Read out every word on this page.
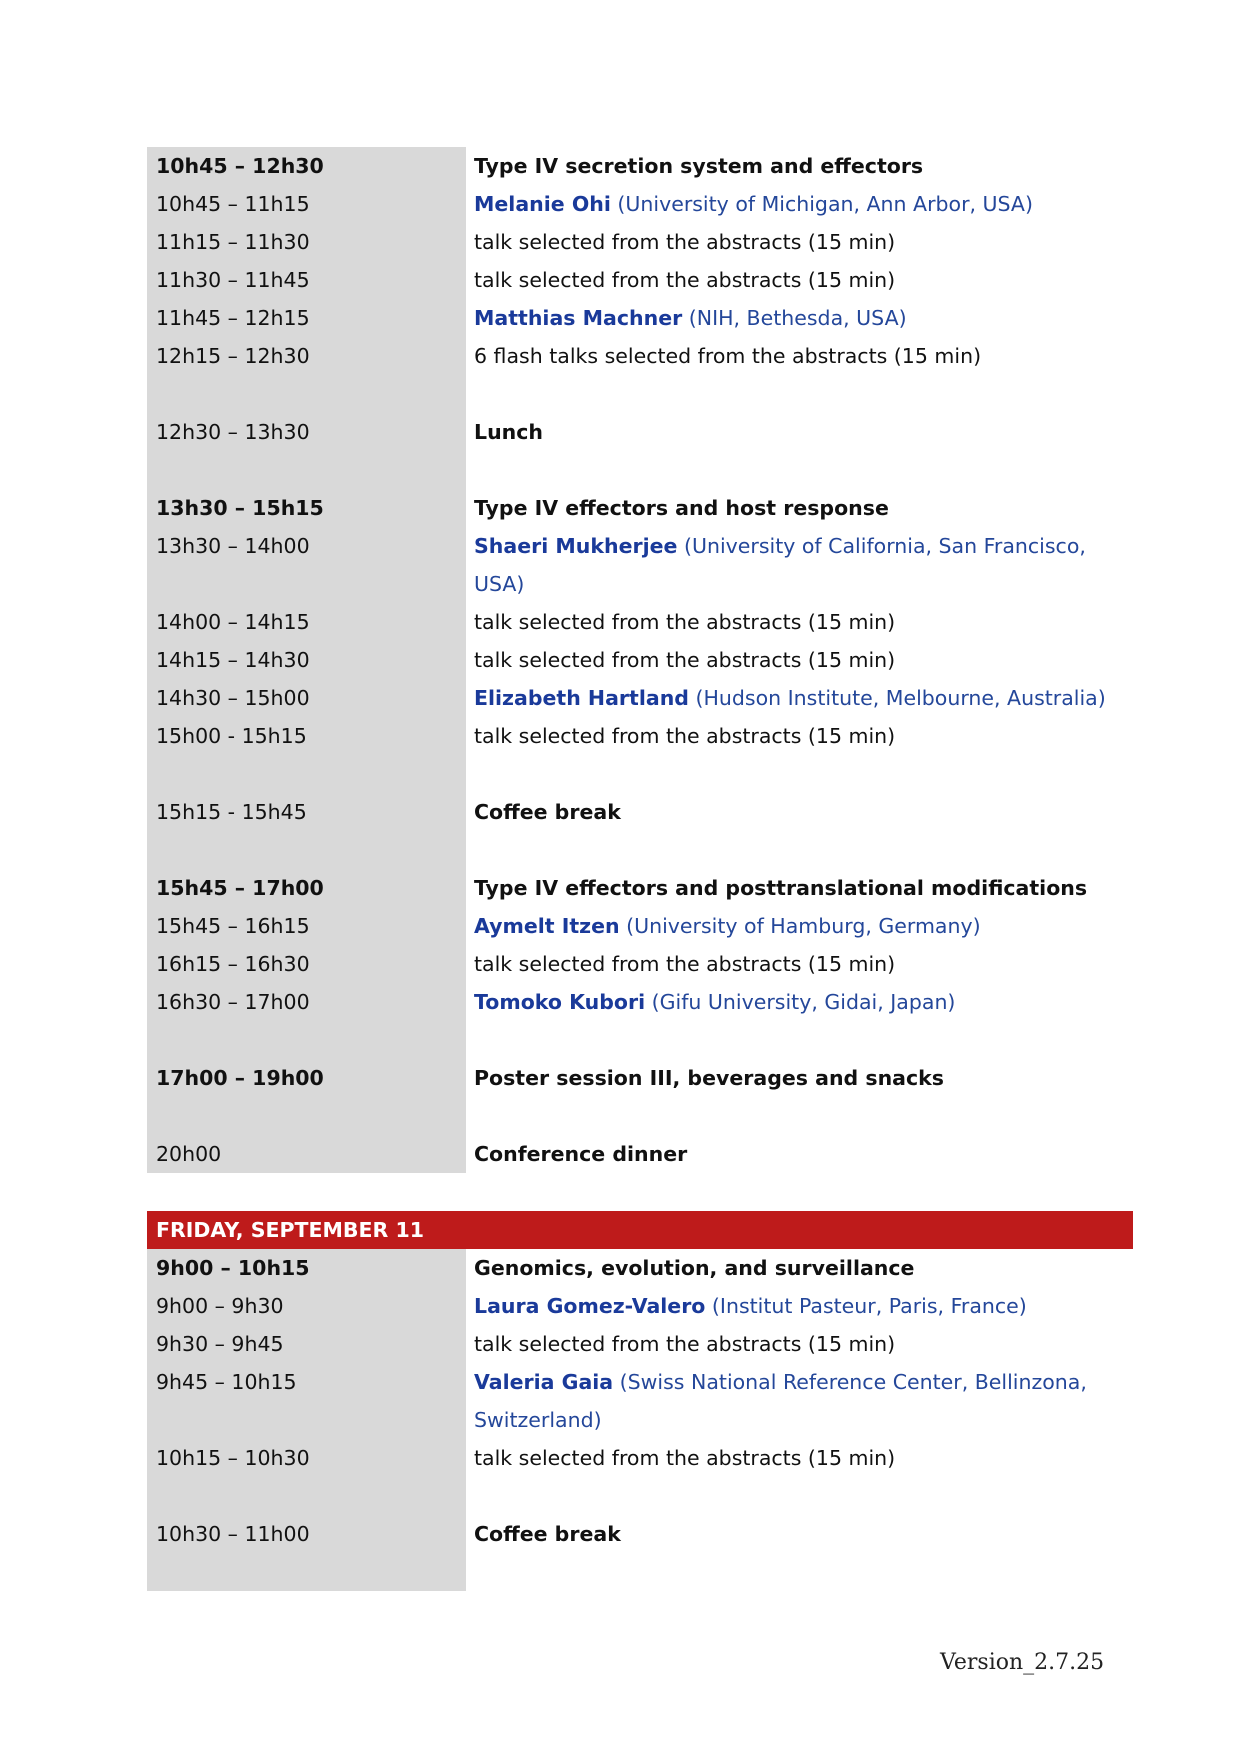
10h45 – 12h30	Type IV secretion system and effectors
10h45 – 11h15	Melanie Ohi (University of Michigan, Ann Arbor, USA)
11h15 – 11h30	talk selected from the abstracts (15 min)
11h30 – 11h45	talk selected from the abstracts (15 min)
11h45 – 12h15	Matthias Machner (NIH, Bethesda, USA)
12h15 – 12h30	6 flash talks selected from the abstracts (15 min)
12h30 – 13h30	Lunch
13h30 – 15h15	Type IV effectors and host response
13h30 – 14h00	Shaeri Mukherjee (University of California, San Francisco, USA)
14h00 – 14h15	talk selected from the abstracts (15 min)
14h15 – 14h30	talk selected from the abstracts (15 min)
14h30 – 15h00	Elizabeth Hartland (Hudson Institute, Melbourne, Australia)
15h00 - 15h15	talk selected from the abstracts (15 min)
15h15 - 15h45	Coffee break
15h45 – 17h00	Type IV effectors and posttranslational modifications
15h45 – 16h15	Aymelt Itzen (University of Hamburg, Germany)
16h15 – 16h30	talk selected from the abstracts (15 min)
16h30 – 17h00	Tomoko Kubori (Gifu University, Gidai, Japan)
17h00 – 19h00	Poster session III, beverages and snacks
20h00	Conference dinner
FRIDAY, SEPTEMBER 11
9h00 – 10h15	Genomics, evolution, and surveillance
9h00 – 9h30	Laura Gomez-Valero (Institut Pasteur, Paris, France)
9h30 – 9h45	talk selected from the abstracts (15 min)
9h45 – 10h15	Valeria Gaia (Swiss National Reference Center, Bellinzona, Switzerland)
10h15 – 10h30	talk selected from the abstracts (15 min)
10h30 – 11h00	Coffee break
Version_2.7.25
